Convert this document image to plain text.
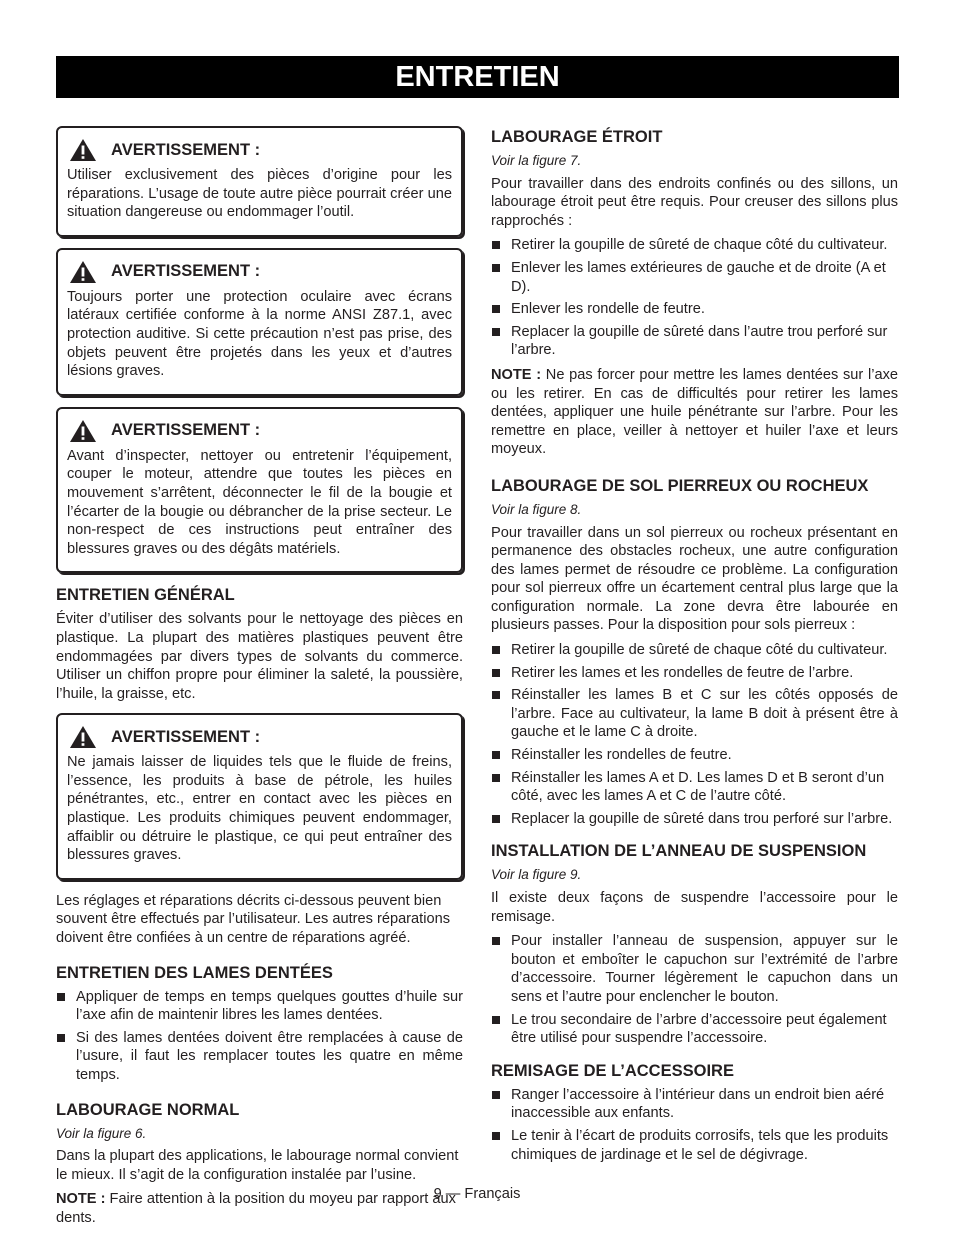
ENTRETIEN
AVERTISSEMENT :

Utiliser exclusivement des pièces d’origine pour les réparations. L’usage de toute autre pièce pourrait créer une situation dangereuse ou endommager l’outil.

AVERTISSEMENT :

Toujours porter une protection oculaire avec écrans latéraux certifiée conforme à la norme ANSI Z87.1, avec protection auditive. Si cette précaution n’est pas prise, des objets peuvent être projetés dans les yeux et d’autres lésions graves.

AVERTISSEMENT :

Avant d’inspecter, nettoyer ou entretenir l’équipement, couper le moteur, attendre que toutes les pièces en mouvement s’arrêtent, déconnecter le fil de la bougie et l’écarter de la bougie ou débrancher de la prise secteur. Le non-respect de ces instructions peut entraîner des blessures graves ou des dégâts matériels.

ENTRETIEN GÉNÉRAL

Éviter d’utiliser des solvants pour le nettoyage des pièces en plastique. La plupart des matières plastiques peuvent être endommagées par divers types de solvants du commerce. Utiliser un chiffon propre pour éliminer la saleté, la poussière, l’huile, la graisse, etc.

AVERTISSEMENT :

Ne jamais laisser de liquides tels que le fluide de freins, l’essence, les produits à base de pétrole, les huiles pénétrantes, etc., entrer en contact avec les pièces en plastique. Les produits chimiques peuvent endommager, affaiblir ou détruire le plastique, ce qui peut entraîner des blessures graves.

Les réglages et réparations décrits ci-dessous peuvent bien souvent être effectués par l’utilisateur. Les autres réparations doivent être confiées à un centre de réparations agréé.

ENTRETIEN DES LAMES DENTÉES
Appliquer de temps en temps quelques gouttes d’huile sur l’axe afin de maintenir libres les lames dentées.
Si des lames dentées doivent être remplacées à cause de l’usure, il faut les remplacer toutes les quatre en même temps.
LABOURAGE NORMAL

Voir la figure 6.

Dans la plupart des applications, le labourage normal convient le mieux. Il s’agit de la configuration instalée par l’usine.

NOTE : Faire attention à la position du moyeu par rapport aux dents.

LABOURAGE ÉTROIT

Voir la figure 7.

Pour travailler dans des endroits confinés ou des sillons, un labourage étroit peut être requis. Pour creuser des sillons plus rapprochés :

Retirer la goupille de sûreté de chaque côté du cultivateur.
Enlever les lames extérieures de gauche et de droite (A et D).
Enlever les rondelle de feutre.
Replacer la goupille de sûreté dans l’autre trou perforé sur l’arbre.

NOTE : Ne pas forcer pour mettre les lames dentées sur l’axe ou les retirer. En cas de difficultés pour retirer les lames dentées, appliquer une huile pénétrante sur l’arbre. Pour les remettre en place, veiller à nettoyer et huiler l’axe et leurs moyeux.

LABOURAGE DE SOL PIERREUX OU ROCHEUX

Voir la figure 8.

Pour travailler dans un sol pierreux ou rocheux présentant en permanence des obstacles rocheux, une autre configuration des lames permet de résoudre ce problème. La configuration pour sol pierreux offre un écartement central plus large que la configuration normale. La zone devra être labourée en plusieurs passes. Pour la disposition pour sols pierreux :

Retirer la goupille de sûreté de chaque côté du cultivateur.
Retirer les lames et les rondelles de feutre de l’arbre.
Réinstaller les lames B et C sur les côtés opposés de l’arbre. Face au cultivateur, la lame B doit à présent être à gauche et le lame C à droite.
Réinstaller les rondelles de feutre.
Réinstaller les lames A et D. Les lames D et B seront d’un côté, avec les lames A et C de l’autre côté.
Replacer la goupille de sûreté dans trou perforé sur l’arbre.
INSTALLATION DE L’ANNEAU DE SUSPENSION

Voir la figure 9.

Il existe deux façons de suspendre l’accessoire pour le remisage.

Pour installer l’anneau de suspension, appuyer sur le bouton et emboîter le capuchon sur l’extrémité de l’arbre d’accessoire. Tourner légèrement le capuchon dans un sens et l’autre pour enclencher le bouton.
Le trou secondaire de l’arbre d’accessoire peut également être utilisé pour suspendre l’accessoire.
REMISAGE DE L’ACCESSOIRE
Ranger l’accessoire à l’intérieur dans un endroit bien aéré inaccessible aux enfants.
Le tenir à l’écart de produits corrosifs, tels que les produits chimiques de jardinage et le sel de dégivrage.
9 — Français
